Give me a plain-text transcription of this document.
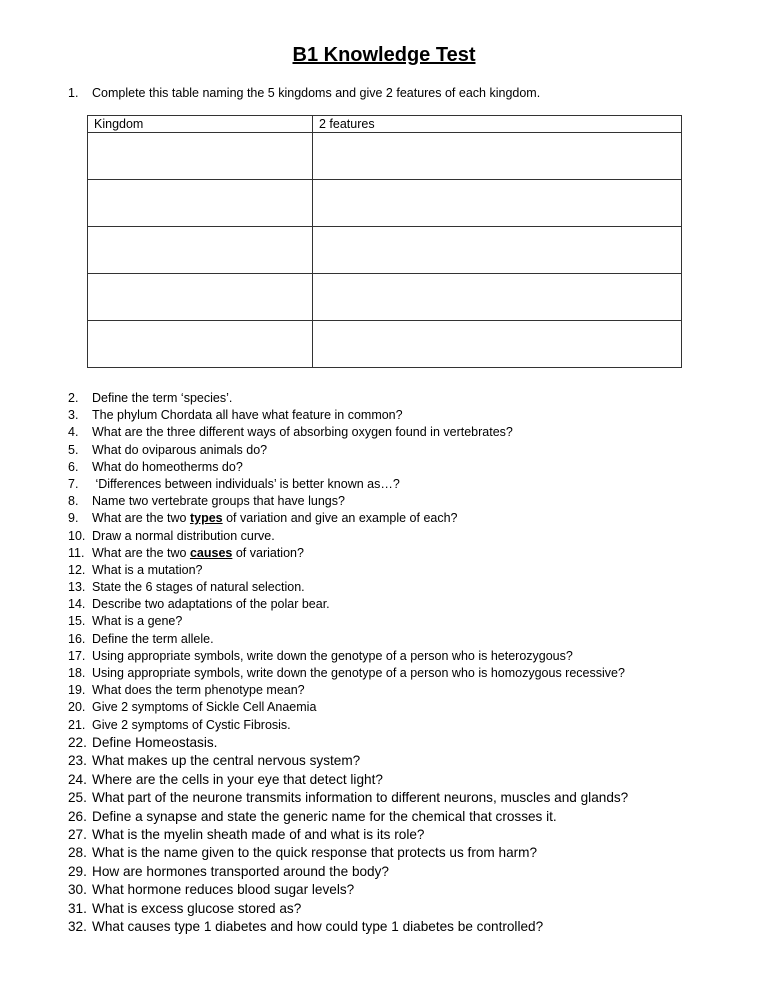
B1 Knowledge Test
1. Complete this table naming the 5 kingdoms and give 2 features of each kingdom.
Kingdom	2 features

2. Define the term ‘species’.
3. The phylum Chordata all have what feature in common?
4. What are the three different ways of absorbing oxygen found in vertebrates?
5. What do oviparous animals do?
6. What do homeotherms do?
7. ‘Differences between individuals’ is better known as…?
8. Name two vertebrate groups that have lungs?
9. What are the two types of variation and give an example of each?
10. Draw a normal distribution curve.
11. What are the two causes of variation?
12. What is a mutation?
13. State the 6 stages of natural selection.
14. Describe two adaptations of the polar bear.
15. What is a gene?
16. Define the term allele.
17. Using appropriate symbols, write down the genotype of a person who is heterozygous?
18. Using appropriate symbols, write down the genotype of a person who is homozygous recessive?
19. What does the term phenotype mean?
20. Give 2 symptoms of Sickle Cell Anaemia
21. Give 2 symptoms of Cystic Fibrosis.
22. Define Homeostasis.
23. What makes up the central nervous system?
24. Where are the cells in your eye that detect light?
25. What part of the neurone transmits information to different neurons, muscles and glands?
26. Define a synapse and state the generic name for the chemical that crosses it.
27. What is the myelin sheath made of and what is its role?
28. What is the name given to the quick response that protects us from harm?
29. How are hormones transported around the body?
30. What hormone reduces blood sugar levels?
31. What is excess glucose stored as?
32. What causes type 1 diabetes and how could type 1 diabetes be controlled?
